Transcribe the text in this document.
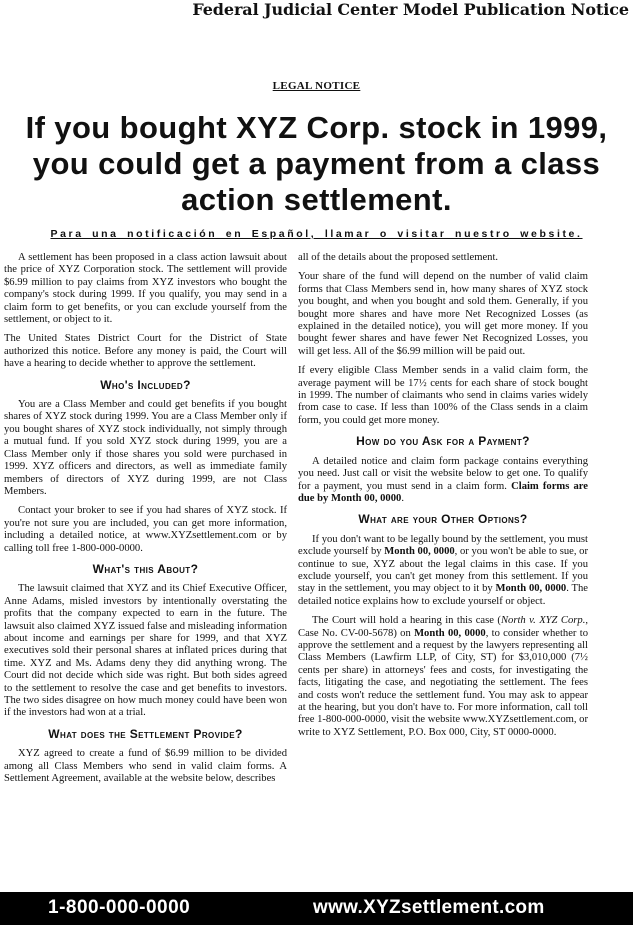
Federal Judicial Center Model Publication Notice
LEGAL NOTICE
If you bought XYZ Corp. stock in 1999, you could get a payment from a class action settlement.
Para una notificación en Español, llamar o visitar nuestro website.

A settlement has been proposed in a class action lawsuit about the price of XYZ Corporation stock. The settlement will provide $6.99 million to pay claims from XYZ investors who bought the company's stock during 1999. If you qualify, you may send in a claim form to get benefits, or you can exclude yourself from the settlement, or object to it.

The United States District Court for the District of State authorized this notice. Before any money is paid, the Court will have a hearing to decide whether to approve the settlement.

Who's Included?

You are a Class Member and could get benefits if you bought shares of XYZ stock during 1999. You are a Class Member only if you bought shares of XYZ stock individually, not simply through a mutual fund. If you sold XYZ stock during 1999, you are a Class Member only if those shares you sold were purchased in 1999. XYZ officers and directors, as well as immediate family members of directors of XYZ during 1999, are not Class Members.

Contact your broker to see if you had shares of XYZ stock. If you're not sure you are included, you can get more information, including a detailed notice, at www.XYZsettlement.com or by calling toll free 1-800-000-0000.

What's this About?

The lawsuit claimed that XYZ and its Chief Executive Officer, Anne Adams, misled investors by intentionally overstating the profits that the company expected to earn in the future. The lawsuit also claimed XYZ issued false and misleading information about income and earnings per share for 1999, and that XYZ executives sold their personal shares at inflated prices during that time. XYZ and Ms. Adams deny they did anything wrong. The Court did not decide which side was right. But both sides agreed to the settlement to resolve the case and get benefits to investors. The two sides disagree on how much money could have been won if the investors had won at a trial.

What does the Settlement Provide?

XYZ agreed to create a fund of $6.99 million to be divided among all Class Members who send in valid claim forms. A Settlement Agreement, available at the website below, describes

all of the details about the proposed settlement.

Your share of the fund will depend on the number of valid claim forms that Class Members send in, how many shares of XYZ stock you bought, and when you bought and sold them. Generally, if you bought more shares and have more Net Recognized Losses (as explained in the detailed notice), you will get more money. If you bought fewer shares and have fewer Net Recognized Losses, you will get less. All of the $6.99 million will be paid out.

If every eligible Class Member sends in a valid claim form, the average payment will be 17½ cents for each share of stock bought in 1999. The number of claimants who send in claims varies widely from case to case. If less than 100% of the Class sends in a claim form, you could get more money.

How do you Ask for a Payment?

A detailed notice and claim form package contains everything you need. Just call or visit the website below to get one. To qualify for a payment, you must send in a claim form. Claim forms are due by Month 00, 0000.

What are your Other Options?

If you don't want to be legally bound by the settlement, you must exclude yourself by Month 00, 0000, or you won't be able to sue, or continue to sue, XYZ about the legal claims in this case. If you exclude yourself, you can't get money from this settlement. If you stay in the settlement, you may object to it by Month 00, 0000. The detailed notice explains how to exclude yourself or object.

The Court will hold a hearing in this case (North v. XYZ Corp., Case No. CV-00-5678) on Month 00, 0000, to consider whether to approve the settlement and a request by the lawyers representing all Class Members (Lawfirm LLP, of City, ST) for $3,010,000 (7½ cents per share) in attorneys' fees and costs, for investigating the facts, litigating the case, and negotiating the settlement. The fees and costs won't reduce the settlement fund. You may ask to appear at the hearing, but you don't have to. For more information, call toll free 1-800-000-0000, visit the website www.XYZsettlement.com, or write to XYZ Settlement, P.O. Box 000, City, ST 0000-0000.

1-800-000-0000	www.XYZsettlement.com
